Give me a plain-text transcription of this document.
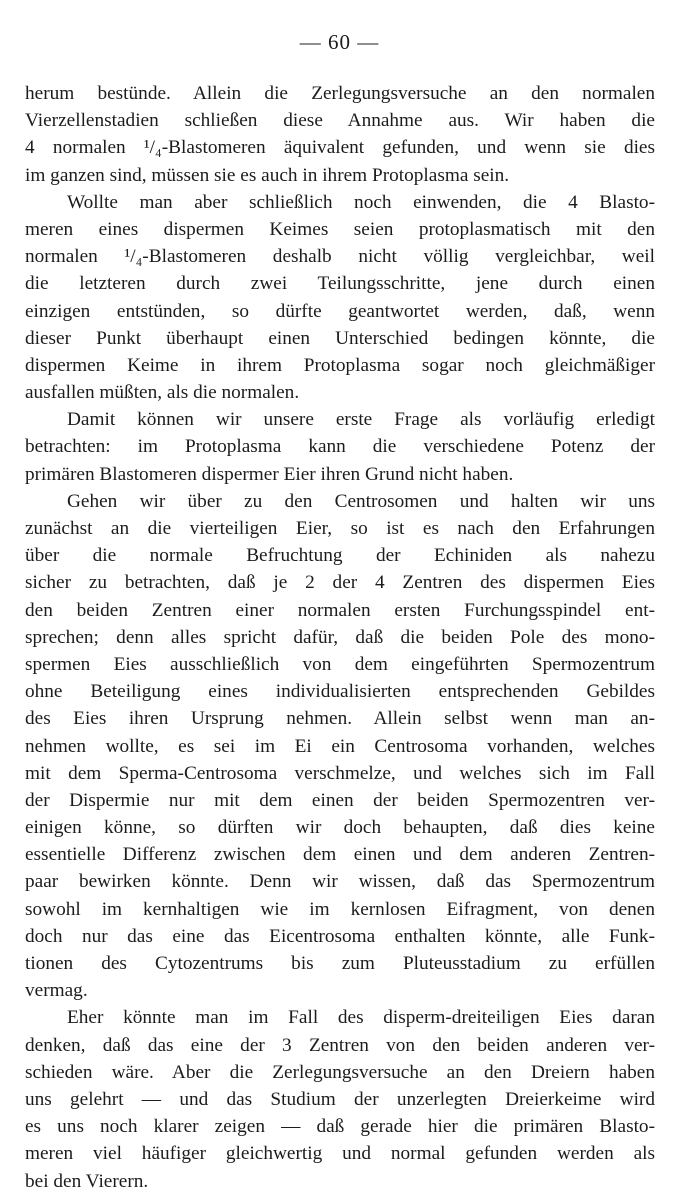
— 60 —
herum bestünde. Allein die Zerlegungsversuche an den normalen
Vierzellenstadien schließen diese Annahme aus. Wir haben die
4 normalen ¹/₄-Blastomeren äquivalent gefunden, und wenn sie dies
im ganzen sind, müssen sie es auch in ihrem Protoplasma sein.
Wollte man aber schließlich noch einwenden, die 4 Blasto-
meren eines dispermen Keimes seien protoplasmatisch mit den
normalen ¹/₄-Blastomeren deshalb nicht völlig vergleichbar, weil
die letzteren durch zwei Teilungsschritte, jene durch einen
einzigen entstünden, so dürfte geantwortet werden, daß, wenn
dieser Punkt überhaupt einen Unterschied bedingen könnte, die
dispermen Keime in ihrem Protoplasma sogar noch gleichmäßiger
ausfallen müßten, als die normalen.
Damit können wir unsere erste Frage als vorläufig erledigt
betrachten: im Protoplasma kann die verschiedene Potenz der
primären Blastomeren dispermer Eier ihren Grund nicht haben.
Gehen wir über zu den Centrosomen und halten wir uns
zunächst an die vierteiligen Eier, so ist es nach den Erfahrungen
über die normale Befruchtung der Echiniden als nahezu
sicher zu betrachten, daß je 2 der 4 Zentren des dispermen Eies
den beiden Zentren einer normalen ersten Furchungsspindel ent-
sprechen; denn alles spricht dafür, daß die beiden Pole des mono-
spermen Eies ausschließlich von dem eingeführten Spermozentrum
ohne Beteiligung eines individualisierten entsprechenden Gebildes
des Eies ihren Ursprung nehmen. Allein selbst wenn man an-
nehmen wollte, es sei im Ei ein Centrosoma vorhanden, welches
mit dem Sperma-Centrosoma verschmelze, und welches sich im Fall
der Dispermie nur mit dem einen der beiden Spermozentren ver-
einigen könne, so dürften wir doch behaupten, daß dies keine
essentielle Differenz zwischen dem einen und dem anderen Zentren-
paar bewirken könnte. Denn wir wissen, daß das Spermozentrum
sowohl im kernhaltigen wie im kernlosen Eifragment, von denen
doch nur das eine das Eicentrosoma enthalten könnte, alle Funk-
tionen des Cytozentrums bis zum Pluteusstadium zu erfüllen
vermag.
Eher könnte man im Fall des disperm-dreiteiligen Eies daran
denken, daß das eine der 3 Zentren von den beiden anderen ver-
schieden wäre. Aber die Zerlegungsversuche an den Dreiern haben
uns gelehrt — und das Studium der unzerlegten Dreierkeime wird
es uns noch klarer zeigen — daß gerade hier die primären Blasto-
meren viel häufiger gleichwertig und normal gefunden werden als
bei den Vierern.
